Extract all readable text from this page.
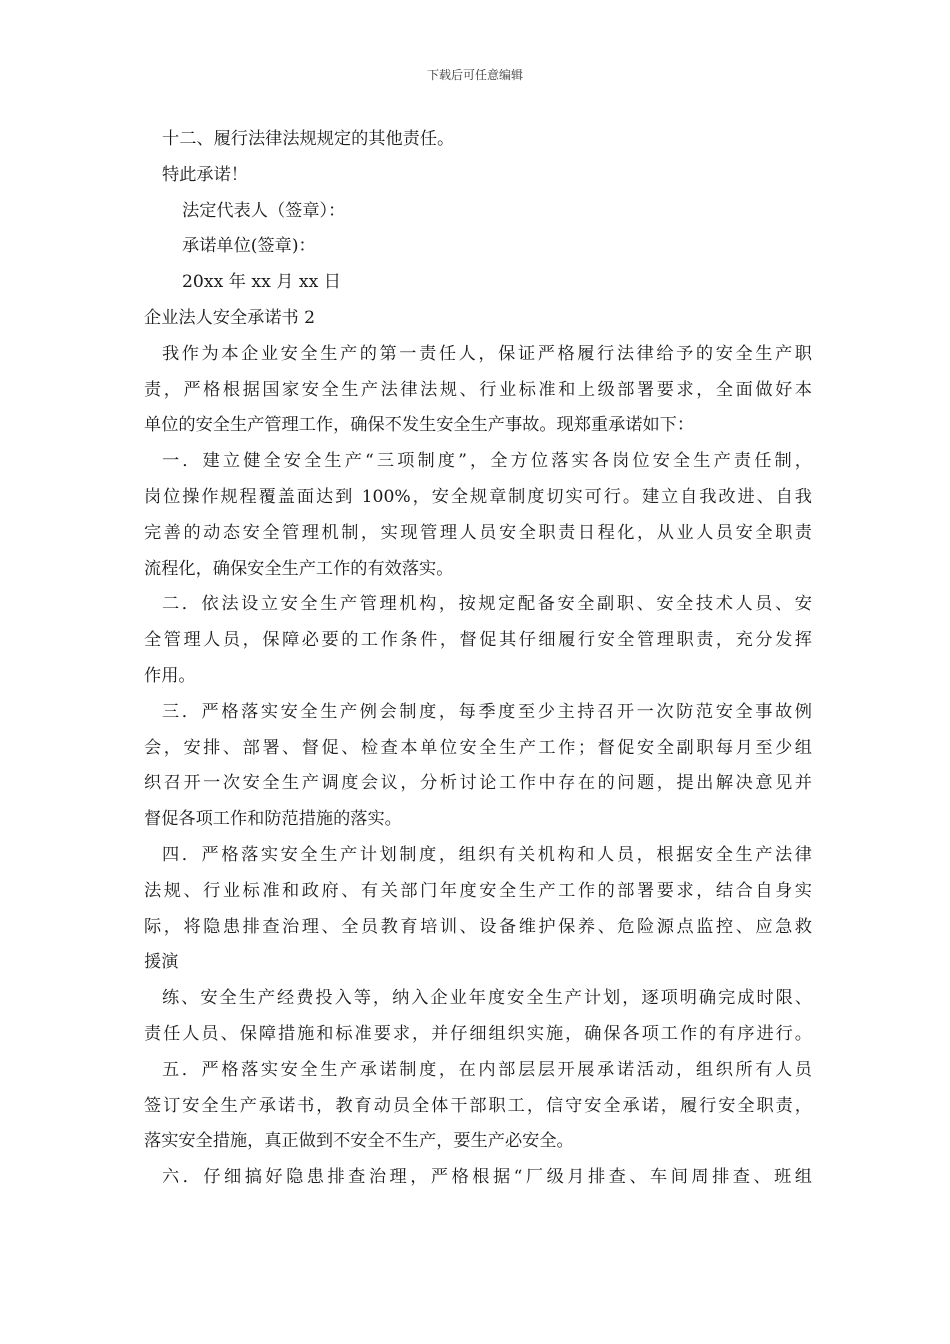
下载后可任意编辑

十二、履行法律法规规定的其他责任。

特此承诺！

法定代表人（签章）：

承诺单位(签章)：

20xx 年 xx 月 xx 日

企业法人安全承诺书 2

我作为本企业安全生产的第一责任人，保证严格履行法律给予的安全生产职

责，严格根据国家安全生产法律法规、行业标准和上级部署要求，全面做好本

单位的安全生产管理工作，确保不发生安全生产事故。现郑重承诺如下：

一．建立健全安全生产“三项制度”，全方位落实各岗位安全生产责任制，

岗位操作规程覆盖面达到 100%，安全规章制度切实可行。建立自我改进、自我

完善的动态安全管理机制，实现管理人员安全职责日程化，从业人员安全职责

流程化，确保安全生产工作的有效落实。

二．依法设立安全生产管理机构，按规定配备安全副职、安全技术人员、安

全管理人员，保障必要的工作条件，督促其仔细履行安全管理职责，充分发挥

作用。

三．严格落实安全生产例会制度，每季度至少主持召开一次防范安全事故例

会，安排、部署、督促、检查本单位安全生产工作；督促安全副职每月至少组

织召开一次安全生产调度会议，分析讨论工作中存在的问题，提出解决意见并

督促各项工作和防范措施的落实。

四．严格落实安全生产计划制度，组织有关机构和人员，根据安全生产法律

法规、行业标准和政府、有关部门年度安全生产工作的部署要求，结合自身实

际，将隐患排查治理、全员教育培训、设备维护保养、危险源点监控、应急救

援演

练、安全生产经费投入等，纳入企业年度安全生产计划，逐项明确完成时限、

责任人员、保障措施和标准要求，并仔细组织实施，确保各项工作的有序进行。

五．严格落实安全生产承诺制度，在内部层层开展承诺活动，组织所有人员

签订安全生产承诺书，教育动员全体干部职工，信守安全承诺，履行安全职责，

落实安全措施，真正做到不安全不生产，要生产必安全。

六．仔细搞好隐患排查治理，严格根据“厂级月排查、车间周排查、班组
